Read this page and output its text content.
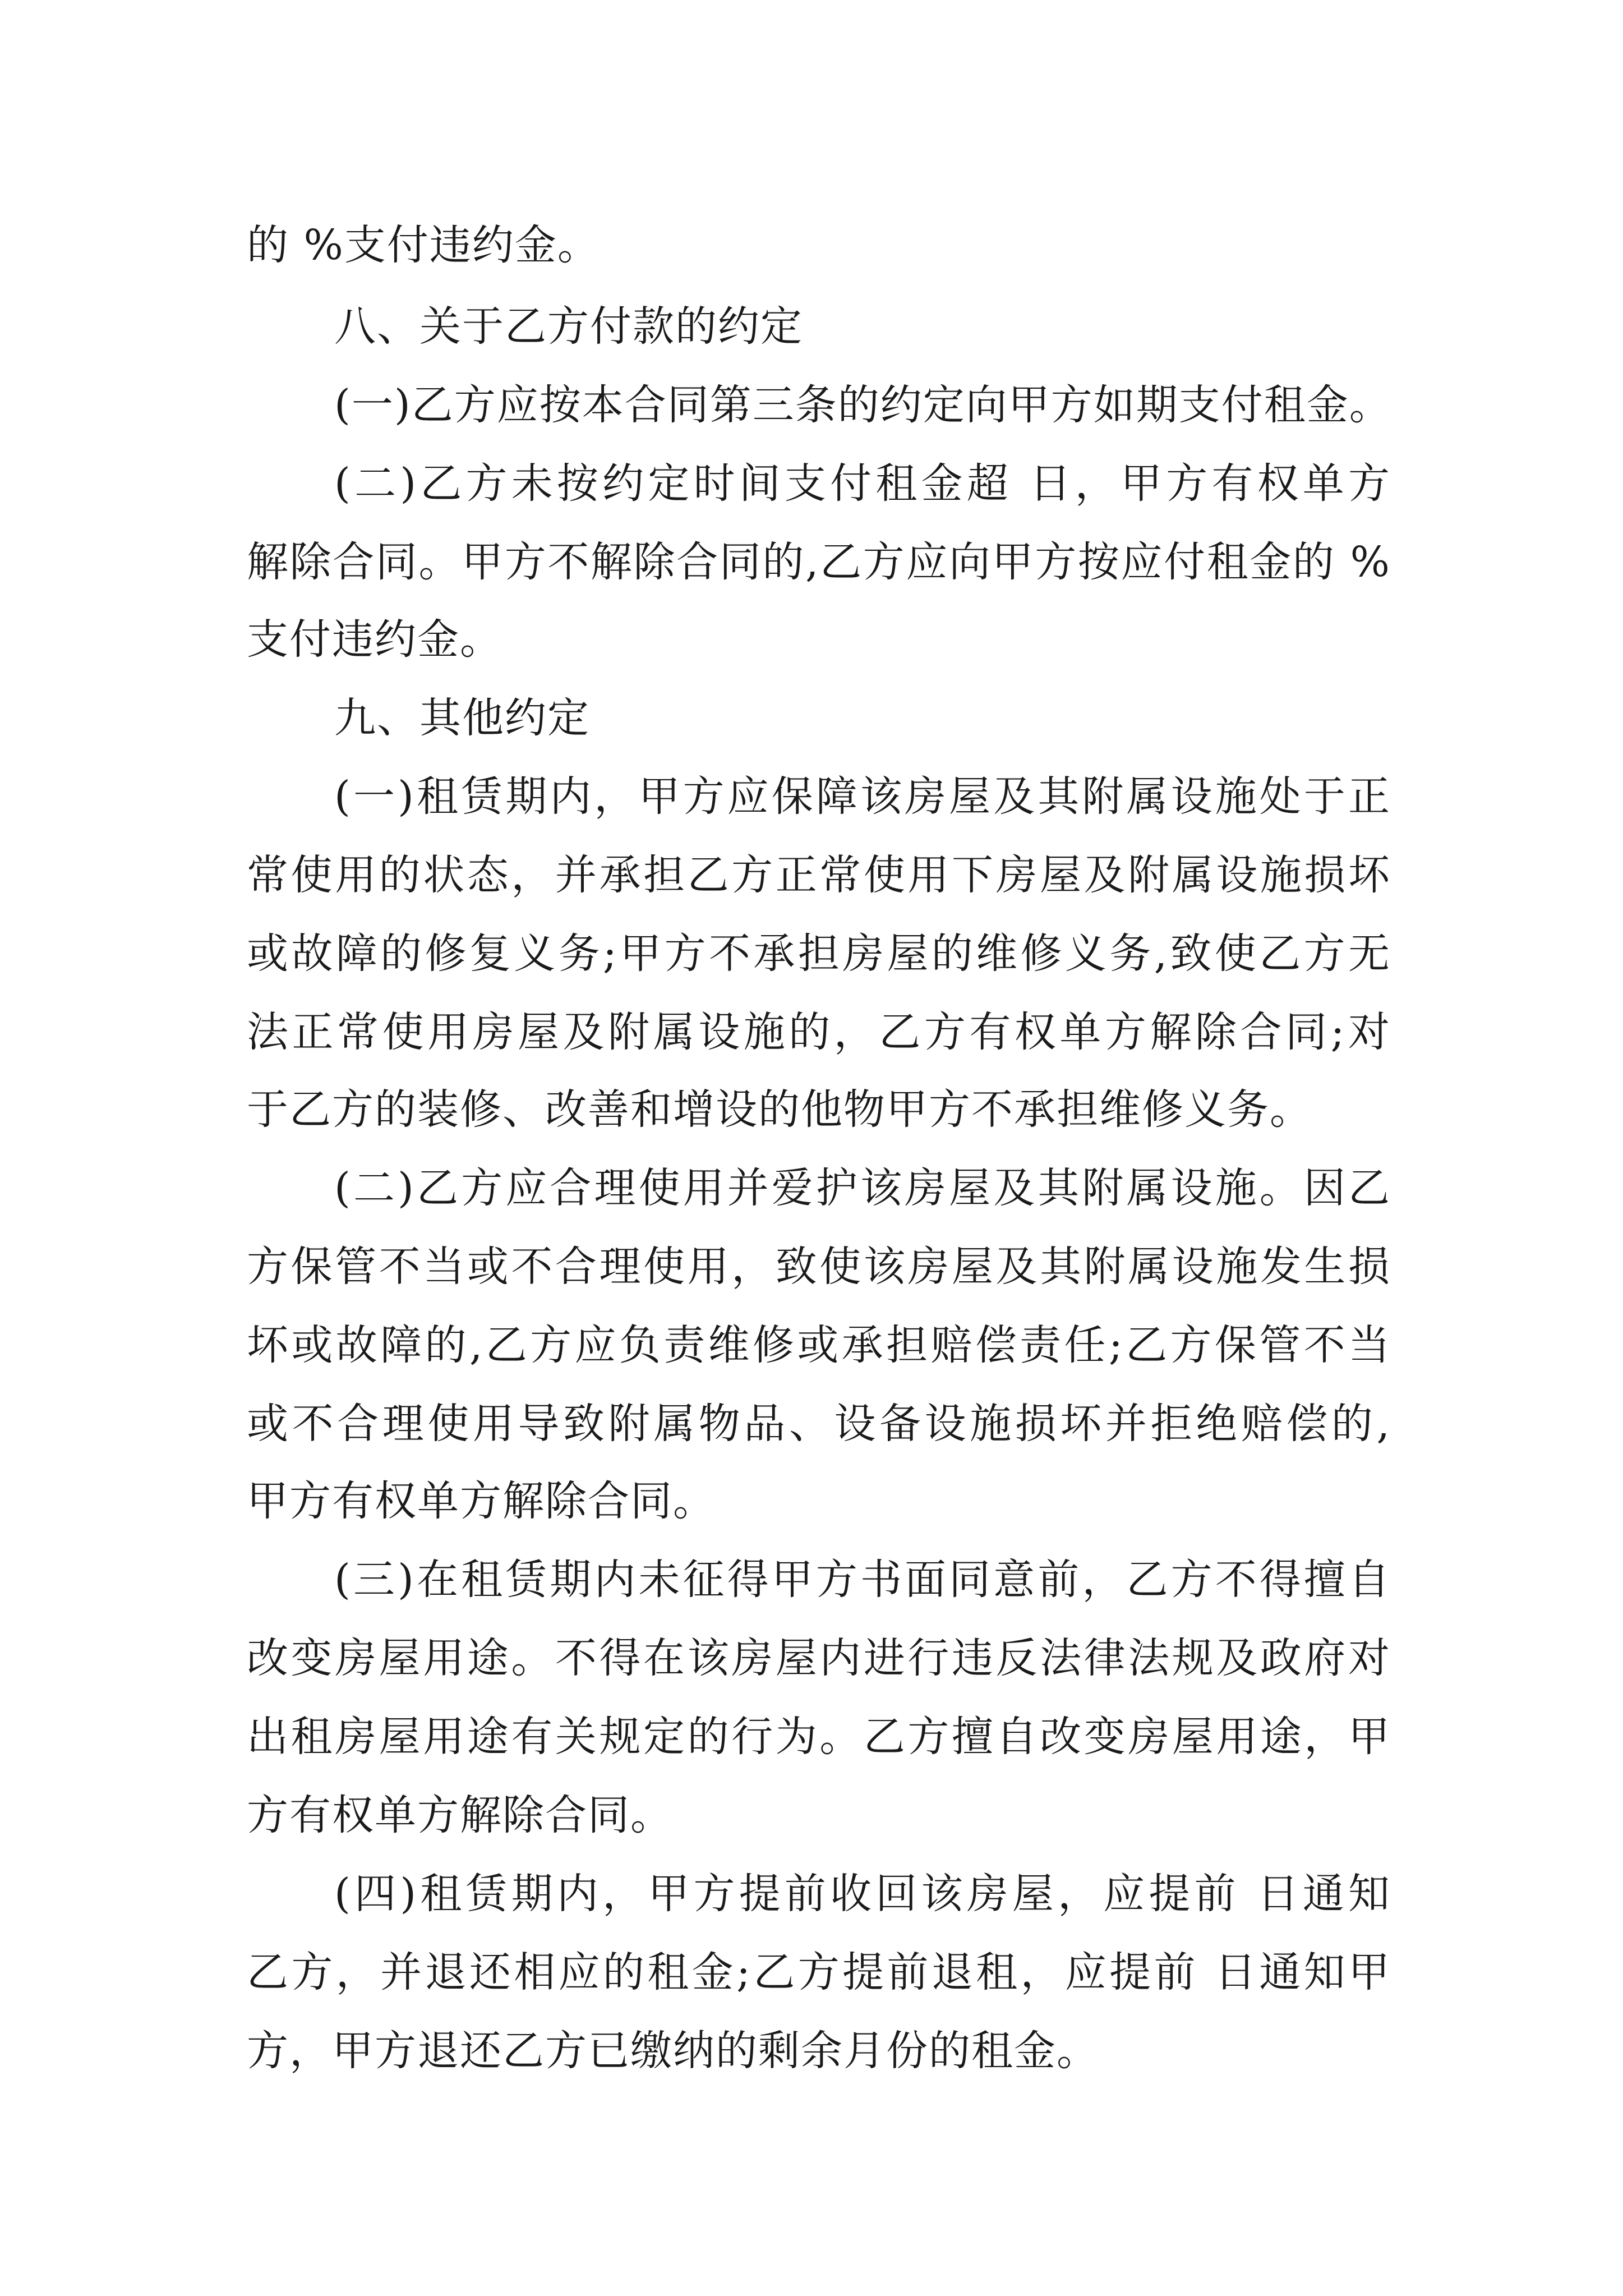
的 %支付违约金。
八、关于乙方付款的约定
(一)乙方应按本合同第三条的约定向甲方如期支付租金。
(二)乙方未按约定时间支付租金超 日，甲方有权单方
解除合同。甲方不解除合同的,乙方应向甲方按应付租金的 %
支付违约金。
九、其他约定
(一)租赁期内，甲方应保障该房屋及其附属设施处于正
常使用的状态，并承担乙方正常使用下房屋及附属设施损坏
或故障的修复义务;甲方不承担房屋的维修义务,致使乙方无
法正常使用房屋及附属设施的，乙方有权单方解除合同;对
于乙方的装修、改善和增设的他物甲方不承担维修义务。
(二)乙方应合理使用并爱护该房屋及其附属设施。因乙
方保管不当或不合理使用，致使该房屋及其附属设施发生损
坏或故障的,乙方应负责维修或承担赔偿责任;乙方保管不当
或不合理使用导致附属物品、设备设施损坏并拒绝赔偿的,
甲方有权单方解除合同。
(三)在租赁期内未征得甲方书面同意前，乙方不得擅自
改变房屋用途。不得在该房屋内进行违反法律法规及政府对
出租房屋用途有关规定的行为。乙方擅自改变房屋用途，甲
方有权单方解除合同。
(四)租赁期内，甲方提前收回该房屋，应提前 日通知
乙方，并退还相应的租金;乙方提前退租，应提前 日通知甲
方，甲方退还乙方已缴纳的剩余月份的租金。
